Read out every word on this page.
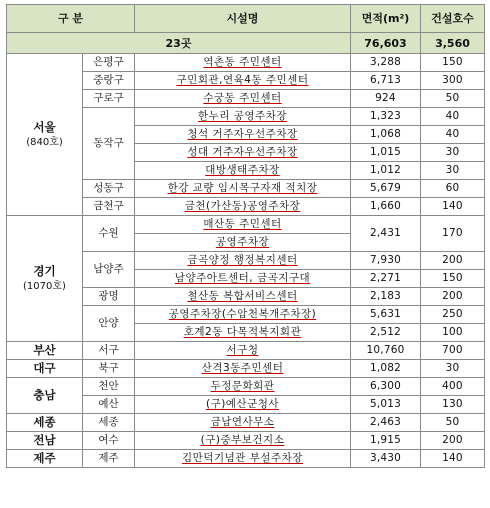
구 분		시설명	면적(m²)	건설호수
23곳			76,603	3,560
서울
(840호)	은평구	역촌동 주민센터	3,288	150
	중랑구	구민회관,연육4동 주민센터	6,713	300
	구로구	수궁동 주민센터	924	50
	동작구	한누리 공영주차장	1,323	40
		청석 거주자우선주차장	1,068	40
		성대 거주자우선주차장	1,015	30
		대방생태주차장	1,012	30
	성동구	한강 교량 임시목구자재 적치장	5,679	60
	금천구	금천(가산동)공영주차장	1,660	140
경기
(1070호)	수원	매산동 주민센터	2,431	170
		공영주차장		
	남양주	금곡양정 행정복지센터	7,930	200
		남양주아트센터, 금곡지구대	2,271	150
	광명	철산동 복합서비스센터	2,183	200
	안양	공영주차장(수암천복개주차장)	5,631	250
		호계2동 다목적복지회관	2,512	100
부산	서구	서구청	10,760	700
대구	북구	산격3동주민센터	1,082	30
충남	천안	두정문화회관	6,300	400
	예산	(구)예산군청사	5,013	130
세종	세종	금남연사무소	2,463	50
전남	여수	(구)중부보건지소	1,915	200
제주	제주	김만덕기념관 부설주차장	3,430	140
